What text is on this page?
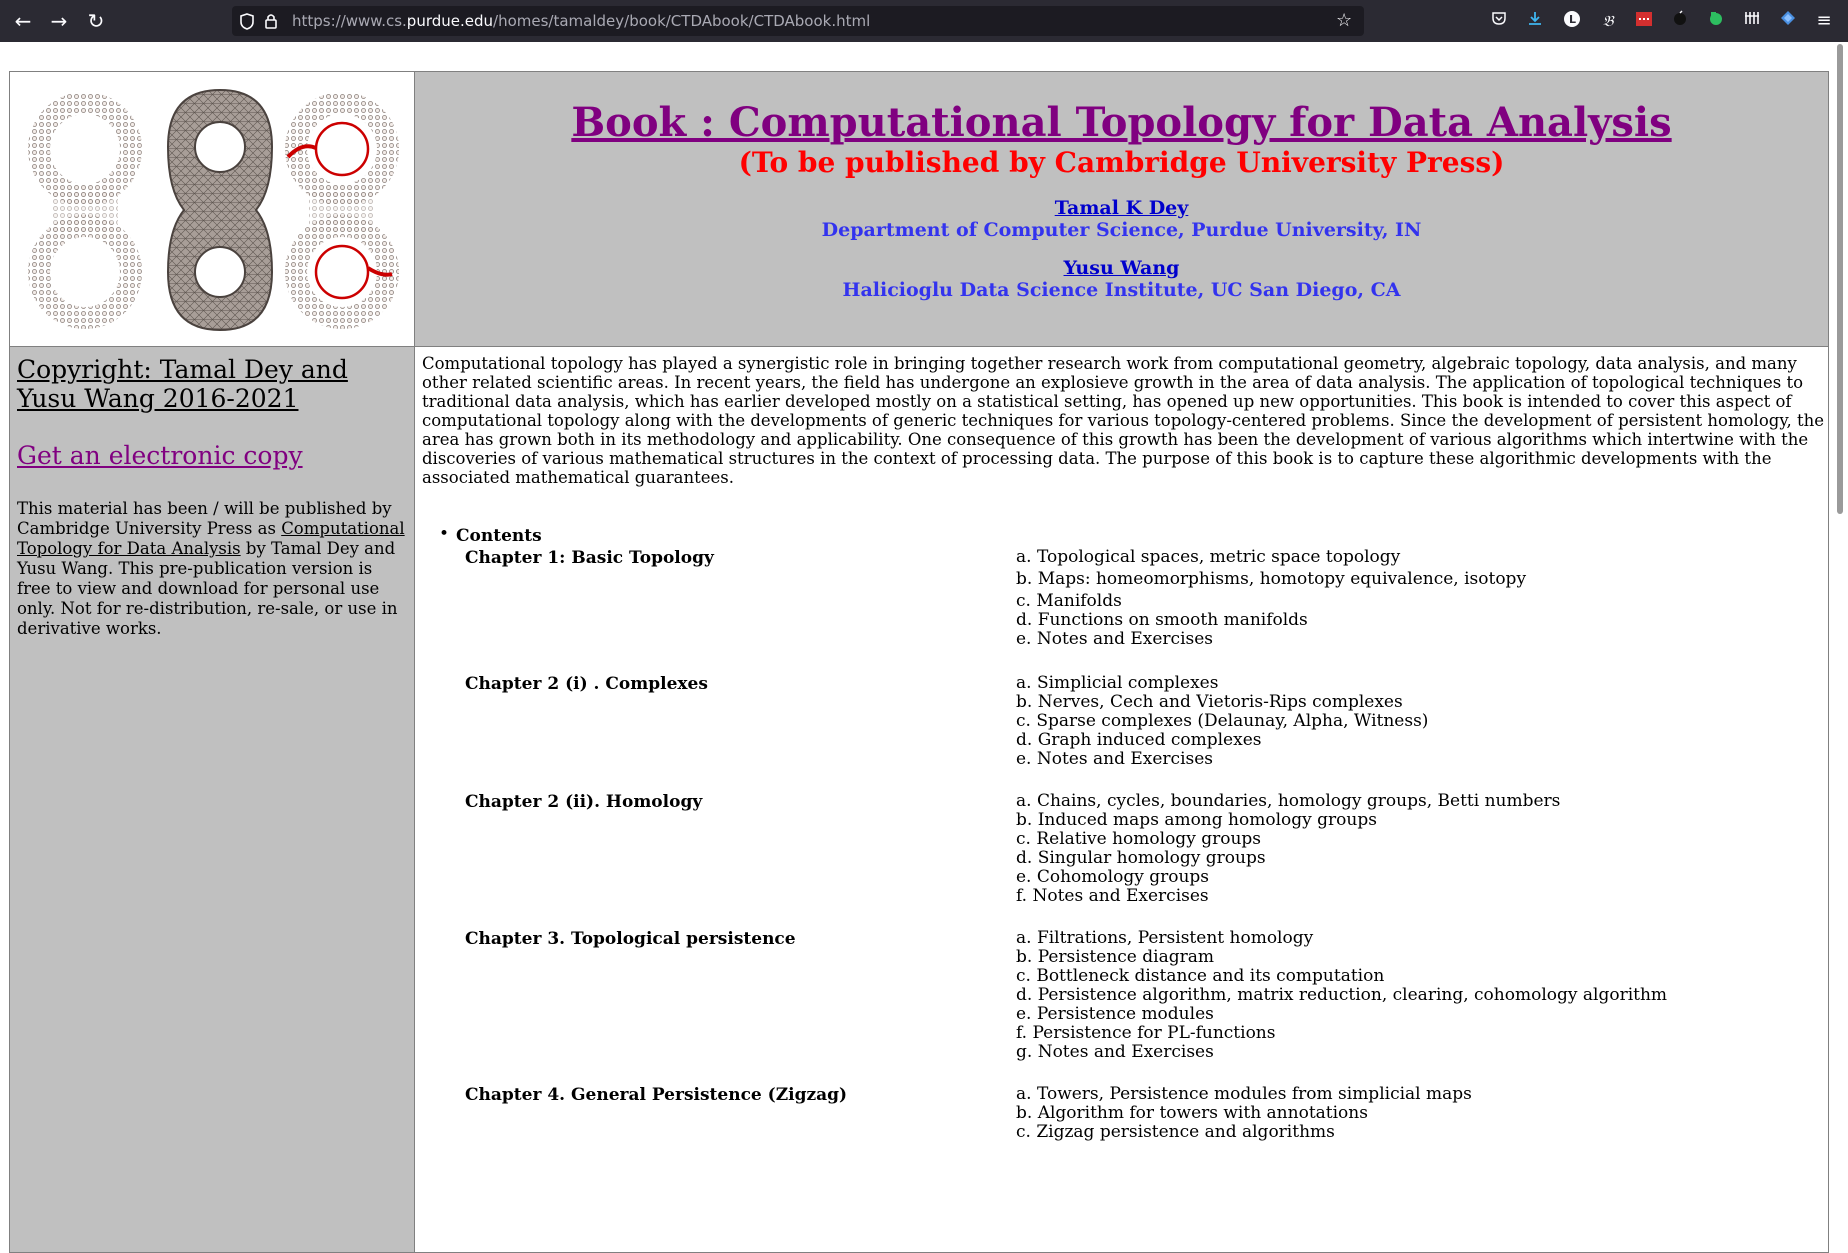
← →	↻	https://www.cs.purdue.edu/homes/tamaldey/book/CTDAbook/CTDAbook.html	☆	L	𝔅	≡
Book : Computational Topology for Data Analysis
(To be published by Cambridge University Press)
Tamal K Dey
Department of Computer Science, Purdue University, IN
Yusu Wang
Halicioglu Data Science Institute, UC San Diego, CA
Copyright: Tamal Dey and Yusu Wang 2016-2021
Get an electronic copy
This material has been / will be published by Cambridge University Press as Computational Topology for Data Analysis by Tamal Dey and Yusu Wang. This pre-publication version is free to view and download for personal use only. Not for re-distribution, re-sale, or use in derivative works.
Computational topology has played a synergistic role in bringing together research work from computational geometry, algebraic topology, data analysis, and many other related scientific areas. In recent years, the field has undergone an explosieve growth in the area of data analysis. The application of topological techniques to traditional data analysis, which has earlier developed mostly on a statistical setting, has opened up new opportunities. This book is intended to cover this aspect of computational topology along with the developments of generic techniques for various topology-centered problems. Since the development of persistent homology, the area has grown both in its methodology and applicability. One consequence of this growth has been the development of various algorithms which intertwine with the discoveries of various mathematical structures in the context of processing data. The purpose of this book is to capture these algorithmic developments with the associated mathematical guarantees.
• Contents
Chapter 1: Basic Topology	a. Topological spaces, metric space topology
b. Maps: homeomorphisms, homotopy equivalence, isotopy
c. Manifolds
d. Functions on smooth manifolds
e. Notes and Exercises
Chapter 2 (i) . Complexes	a. Simplicial complexes
b. Nerves, Cech and Vietoris-Rips complexes
c. Sparse complexes (Delaunay, Alpha, Witness)
d. Graph induced complexes
e. Notes and Exercises
Chapter 2 (ii). Homology	a. Chains, cycles, boundaries, homology groups, Betti numbers
b. Induced maps among homology groups
c. Relative homology groups
d. Singular homology groups
e. Cohomology groups
f. Notes and Exercises
Chapter 3. Topological persistence	a. Filtrations, Persistent homology
b. Persistence diagram
c. Bottleneck distance and its computation
d. Persistence algorithm, matrix reduction, clearing, cohomology algorithm
e. Persistence modules
f. Persistence for PL-functions
g. Notes and Exercises
Chapter 4. General Persistence (Zigzag)	a. Towers, Persistence modules from simplicial maps
b. Algorithm for towers with annotations
c. Zigzag persistence and algorithms
